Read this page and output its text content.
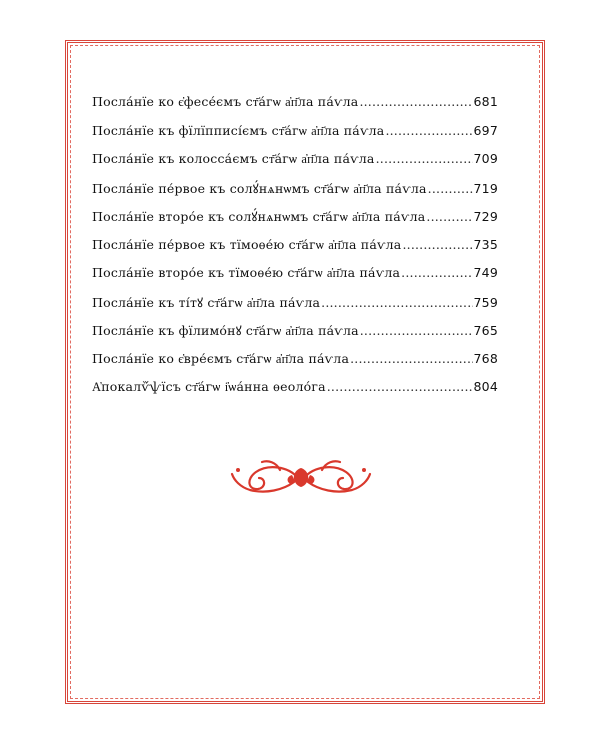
Посла́нїе ко є҆фесе́ємъ ст҃а́гѡ а҆п҃ла па́ѵла .....	681
Посла́нїе къ фїлїпписі́ємъ ст҃а́гѡ а҆п҃ла па́ѵла .....	697
Посла́нїе къ колосса́ємъ ст҃а́гѡ а҆п҃ла па́ѵла .....	709
Посла́нїе пе́рвое къ солꙋ́нѧнѡмъ ст҃а́гѡ а҆п҃ла па́ѵла .....	719
Посла́нїе второ́е къ солꙋ́нѧнѡмъ ст҃а́гѡ а҆п҃ла па́ѵла .....	729
Посла́нїе пе́рвое къ тїмоѳе́ю ст҃а́гѡ а҆п҃ла па́ѵла .....	735
Посла́нїе второ́е къ тїмоѳе́ю ст҃а́гѡ а҆п҃ла па́ѵла .....	749
Посла́нїе къ ті́тꙋ ст҃а́гѡ а҆п҃ла па́ѵла .....	759
Посла́нїе къ фїлимо́нꙋ ст҃а́гѡ а҆п҃ла па́ѵла .....	765
Посла́нїе ко є҆вре́ємъ ст҃а́гѡ а҆п҃ла па́ѵла .....	768
А҆покалѷ́ѱїсъ ст҃а́гѡ і҆ѡа́нна ѳеоло́га .....	804
